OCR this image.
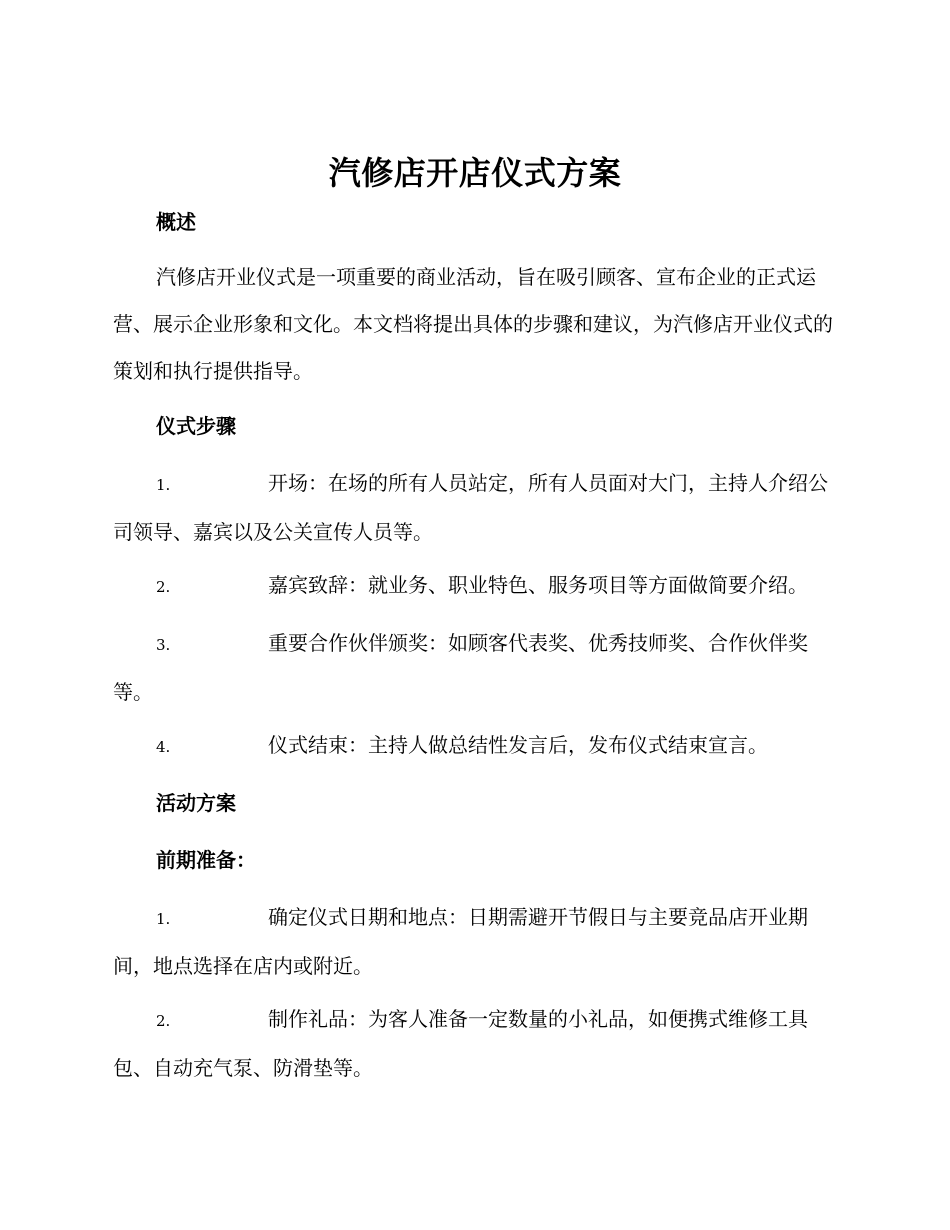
汽修店开店仪式方案
概述

汽修店开业仪式是一项重要的商业活动，旨在吸引顾客、宣布企业的正式运营、展示企业形象和文化。本文档将提出具体的步骤和建议，为汽修店开业仪式的策划和执行提供指导。

仪式步骤

1.	开场：在场的所有人员站定，所有人员面对大门，主持人介绍公司领导、嘉宾以及公关宣传人员等。

2.	嘉宾致辞：就业务、职业特色、服务项目等方面做简要介绍。

3.	重要合作伙伴颁奖：如顾客代表奖、优秀技师奖、合作伙伴奖等。

4.	仪式结束：主持人做总结性发言后，发布仪式结束宣言。

活动方案
前期准备：

1.	确定仪式日期和地点：日期需避开节假日与主要竞品店开业期间，地点选择在店内或附近。

2.	制作礼品：为客人准备一定数量的小礼品，如便携式维修工具包、自动充气泵、防滑垫等。
